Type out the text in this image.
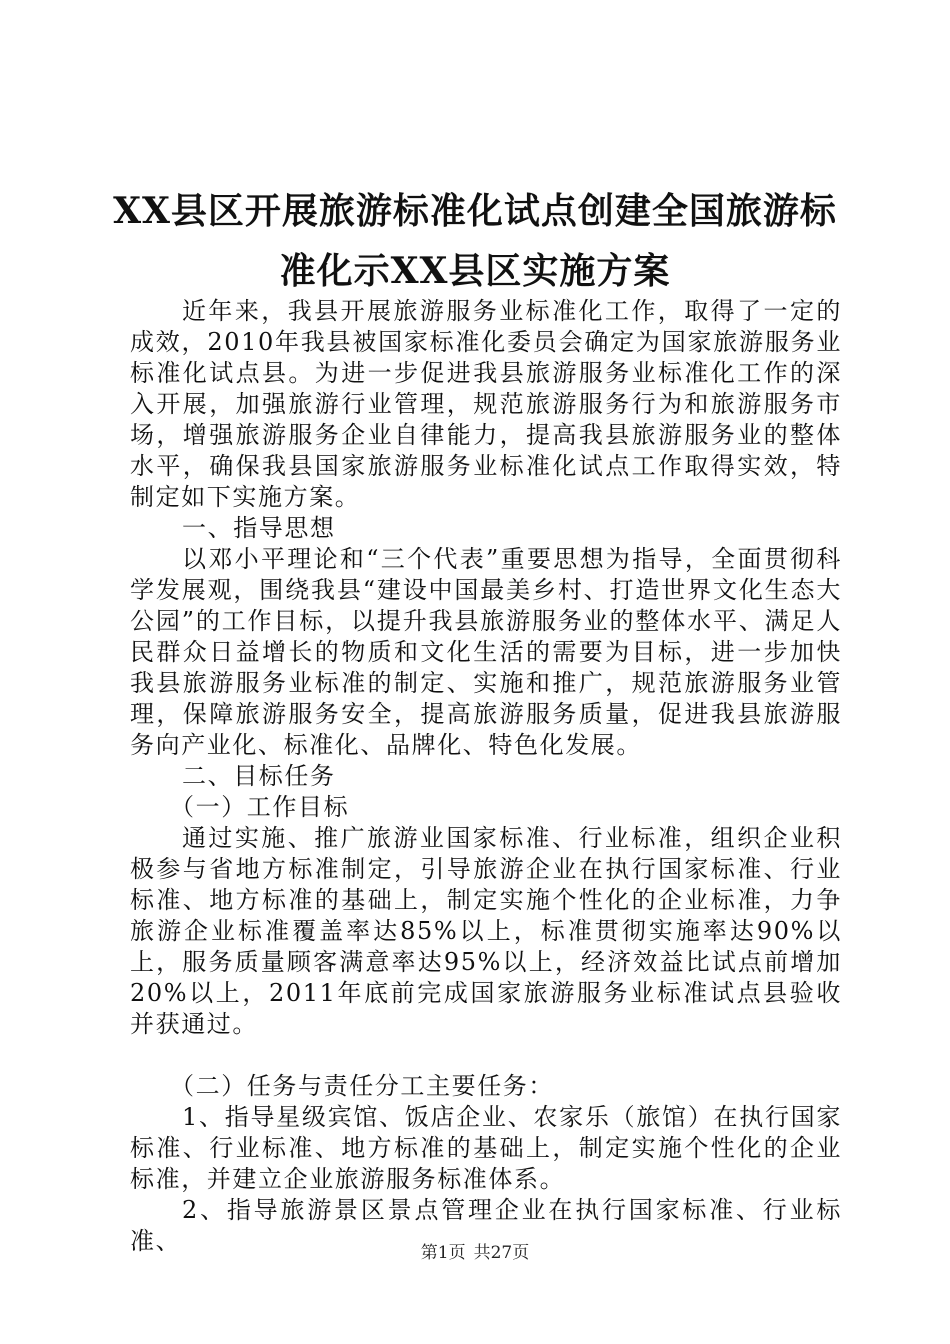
XX县区开展旅游标准化试点创建全国旅游标
准化示XX县区实施方案

近年来，我县开展旅游服务业标准化工作，取得了一定的成效，2010年我县被国家标准化委员会确定为国家旅游服务业标准化试点县。为进一步促进我县旅游服务业标准化工作的深入开展，加强旅游行业管理，规范旅游服务行为和旅游服务市场，增强旅游服务企业自律能力，提高我县旅游服务业的整体水平，确保我县国家旅游服务业标准化试点工作取得实效，特制定如下实施方案。

一、指导思想

以邓小平理论和“三个代表”重要思想为指导，全面贯彻科学发展观，围绕我县“建设中国最美乡村、打造世界文化生态大公园”的工作目标，以提升我县旅游服务业的整体水平、满足人民群众日益增长的物质和文化生活的需要为目标，进一步加快我县旅游服务业标准的制定、实施和推广，规范旅游服务业管理，保障旅游服务安全，提高旅游服务质量，促进我县旅游服务向产业化、标准化、品牌化、特色化发展。

二、目标任务

（一）工作目标

通过实施、推广旅游业国家标准、行业标准，组织企业积极参与省地方标准制定，引导旅游企业在执行国家标准、行业标准、地方标准的基础上，制定实施个性化的企业标准，力争旅游企业标准覆盖率达85%以上，标准贯彻实施率达90%以上，服务质量顾客满意率达95%以上，经济效益比试点前增加20%以上，2011年底前完成国家旅游服务业标准试点县验收并获通过。

（二）任务与责任分工主要任务：

1、指导星级宾馆、饭店企业、农家乐（旅馆）在执行国家标准、行业标准、地方标准的基础上，制定实施个性化的企业标准，并建立企业旅游服务标准体系。

2、指导旅游景区景点管理企业在执行国家标准、行业标准、	第1页 共27页
